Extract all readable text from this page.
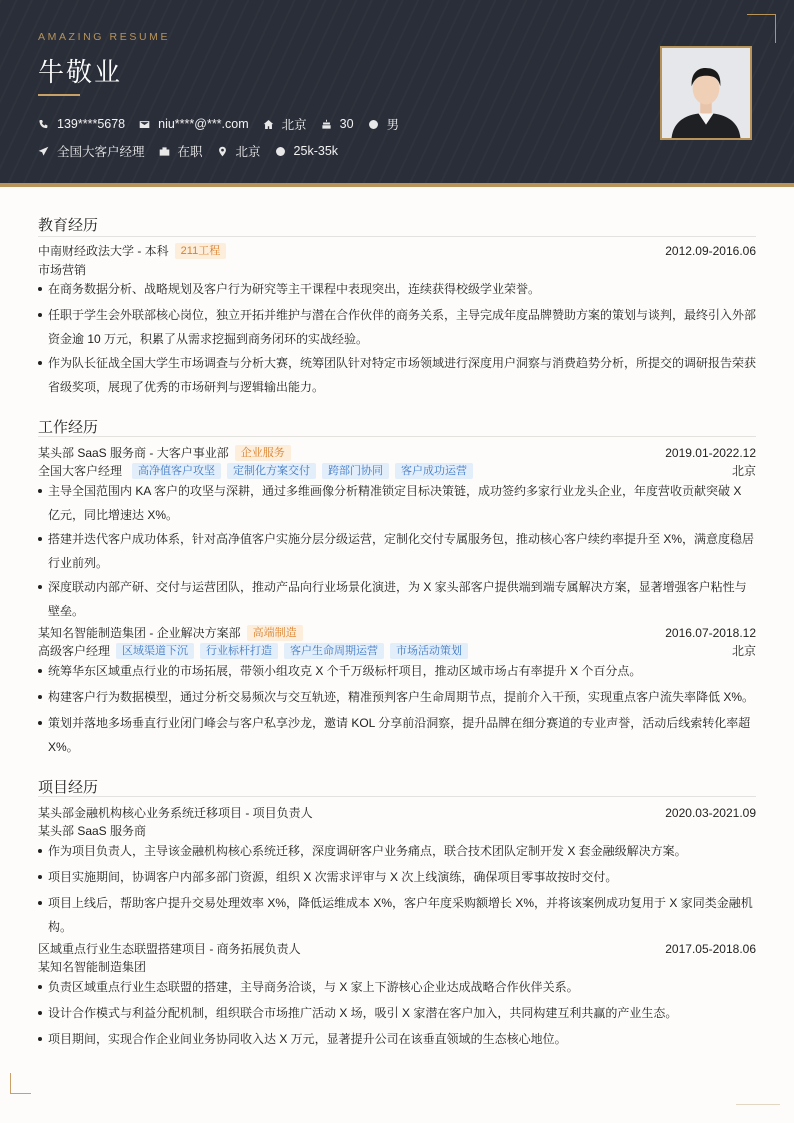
AMAZING RESUME
牛敬业
139****5678	niu****@***.com	北京	30	男
全国大客户经理	在职	北京	25k-35k
教育经历
中南财经政法大学 - 本科	211工程	2012.09-2016.06
市场营销
在商务数据分析、战略规划及客户行为研究等主干课程中表现突出，连续获得校级学业荣誉。
任职于学生会外联部核心岗位，独立开拓并维护与潜在合作伙伴的商务关系，主导完成年度品牌赞助方案的策划与谈判，最终引入外部资金逾 10 万元，积累了从需求挖掘到商务闭环的实战经验。
作为队长征战全国大学生市场调查与分析大赛，统筹团队针对特定市场领域进行深度用户洞察与消费趋势分析，所提交的调研报告荣获省级奖项，展现了优秀的市场研判与逻辑输出能力。
工作经历
某头部 SaaS 服务商 - 大客户事业部	企业服务	2019.01-2022.12
全国大客户经理	高净值客户攻坚	定制化方案交付	跨部门协同	客户成功运营	北京
主导全国范围内 KA 客户的攻坚与深耕，通过多维画像分析精准锁定目标决策链，成功签约多家行业龙头企业，年度营收贡献突破 X 亿元，同比增速达 X%。
搭建并迭代客户成功体系，针对高净值客户实施分层分级运营，定制化交付专属服务包，推动核心客户续约率提升至 X%，满意度稳居行业前列。
深度联动内部产研、交付与运营团队，推动产品向行业场景化演进，为 X 家头部客户提供端到端专属解决方案，显著增强客户粘性与壁垒。
某知名智能制造集团 - 企业解决方案部	高端制造	2016.07-2018.12
高级客户经理	区域渠道下沉	行业标杆打造	客户生命周期运营	市场活动策划	北京
统筹华东区域重点行业的市场拓展，带领小组攻克 X 个千万级标杆项目，推动区域市场占有率提升 X 个百分点。
构建客户行为数据模型，通过分析交易频次与交互轨迹，精准预判客户生命周期节点，提前介入干预，实现重点客户流失率降低 X%。
策划并落地多场垂直行业闭门峰会与客户私享沙龙，邀请 KOL 分享前沿洞察，提升品牌在细分赛道的专业声誉，活动后线索转化率超 X%。
项目经历
某头部金融机构核心业务系统迁移项目 - 项目负责人	2020.03-2021.09
某头部 SaaS 服务商
作为项目负责人，主导该金融机构核心系统迁移，深度调研客户业务痛点，联合技术团队定制开发 X 套金融级解决方案。
项目实施期间，协调客户内部多部门资源，组织 X 次需求评审与 X 次上线演练，确保项目零事故按时交付。
项目上线后，帮助客户提升交易处理效率 X%，降低运维成本 X%，客户年度采购额增长 X%，并将该案例成功复用于 X 家同类金融机构。
区域重点行业生态联盟搭建项目 - 商务拓展负责人	2017.05-2018.06
某知名智能制造集团
负责区域重点行业生态联盟的搭建，主导商务洽谈，与 X 家上下游核心企业达成战略合作伙伴关系。
设计合作模式与利益分配机制，组织联合市场推广活动 X 场，吸引 X 家潜在客户加入，共同构建互利共赢的产业生态。
项目期间，实现合作企业间业务协同收入达 X 万元，显著提升公司在该垂直领域的生态核心地位。
